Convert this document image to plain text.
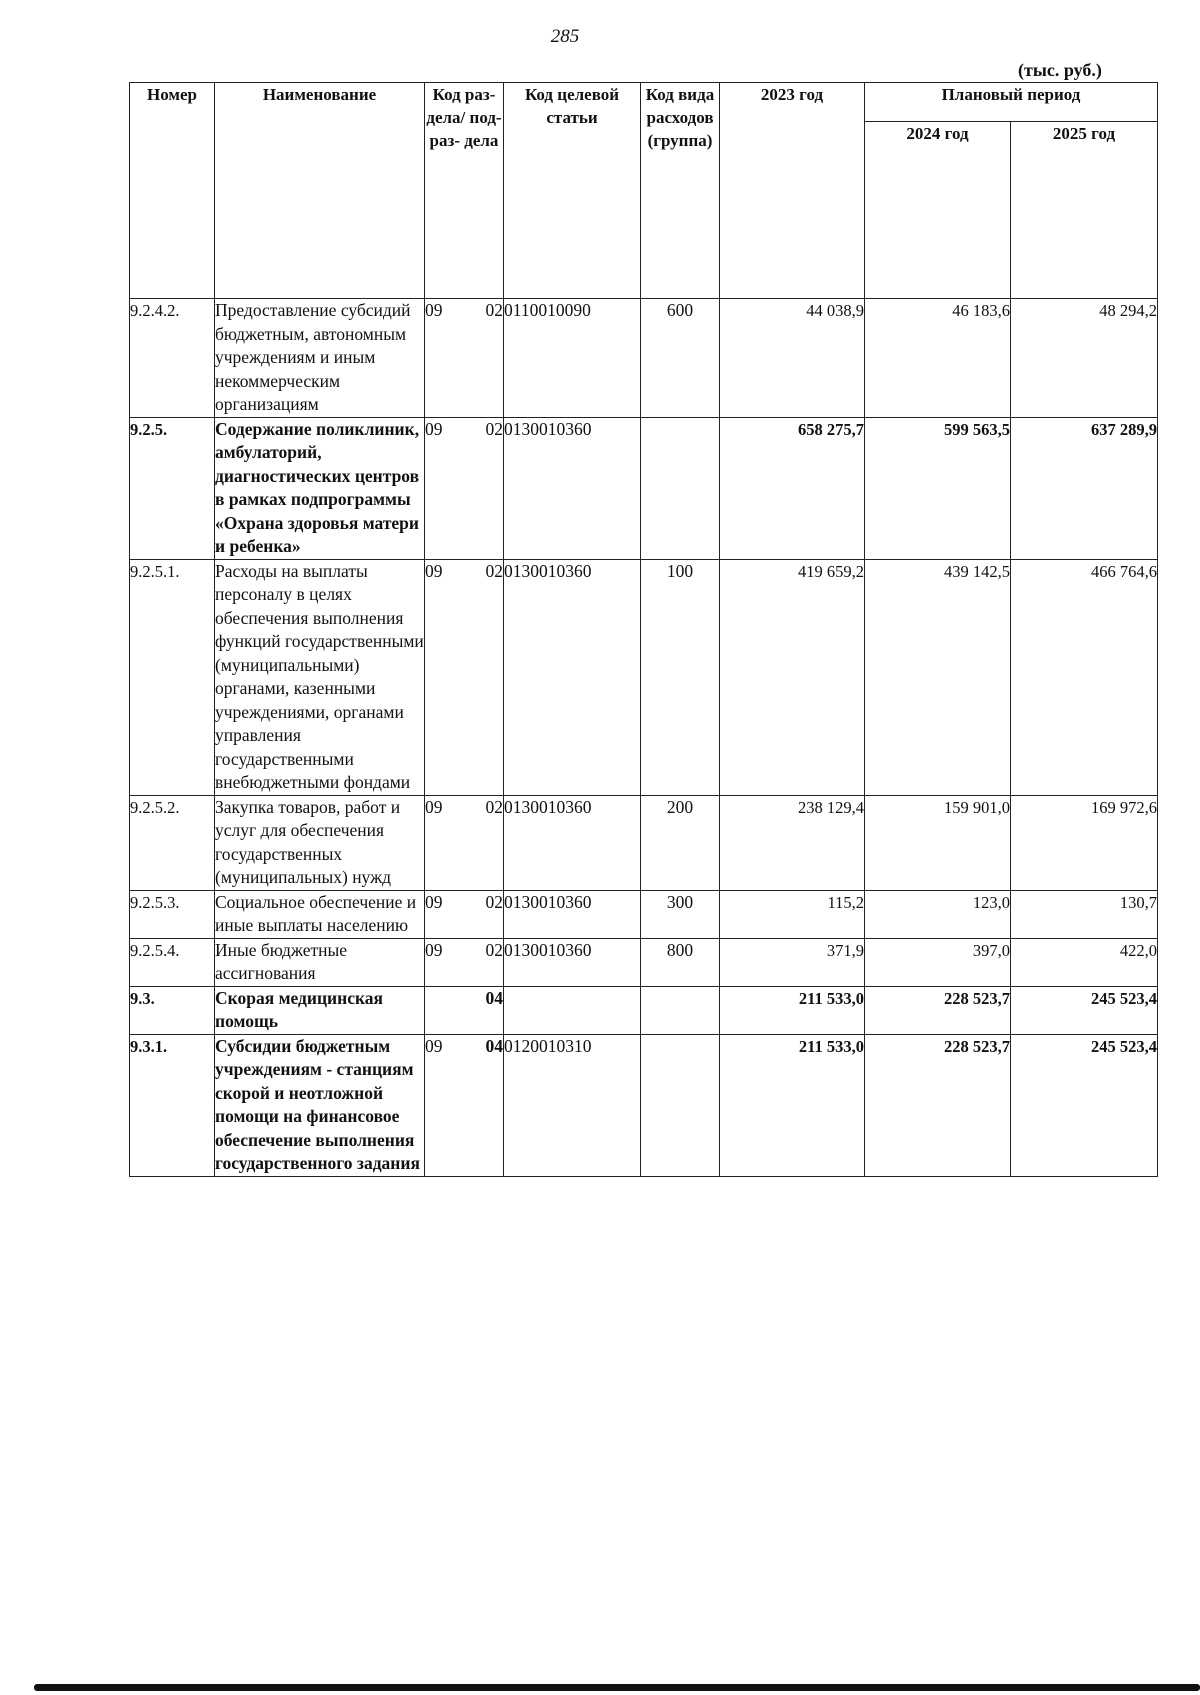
285
(тыс. руб.)
Номер	Наименование	Код раз- дела/ под- раз- дела	Код целевой статьи	Код вида расходов (группа)	2023 год	Плановый период	
						2024 год	2025 год
9.2.4.2.	Предоставление субсидий бюджетным, автономным учреждениям и иным некоммерческим организациям	09 02	0110010090	600	44 038,9	46 183,6	48 294,2
9.2.5.	Содержание поликлиник, амбулаторий, диагностических центров в рамках подпрограммы «Охрана здоровья матери и ребенка»	09 02	0130010360		658 275,7	599 563,5	637 289,9
9.2.5.1.	Расходы на выплаты персоналу в целях обеспечения выполнения функций государственными (муниципальными) органами, казенными учреждениями, органами управления государственными внебюджетными фондами	09 02	0130010360	100	419 659,2	439 142,5	466 764,6
9.2.5.2.	Закупка товаров, работ и услуг для обеспечения государственных (муниципальных) нужд	09 02	0130010360	200	238 129,4	159 901,0	169 972,6
9.2.5.3.	Социальное обеспечение и иные выплаты населению	09 02	0130010360	300	115,2	123,0	130,7
9.2.5.4.	Иные бюджетные ассигнования	09 02	0130010360	800	371,9	397,0	422,0
9.3.	Скорая медицинская помощь	04			211 533,0	228 523,7	245 523,4
9.3.1.	Субсидии бюджетным учреждениям - станциям скорой и неотложной помощи на финансовое обеспечение выполнения государственного задания	09 04	0120010310		211 533,0	228 523,7	245 523,4
